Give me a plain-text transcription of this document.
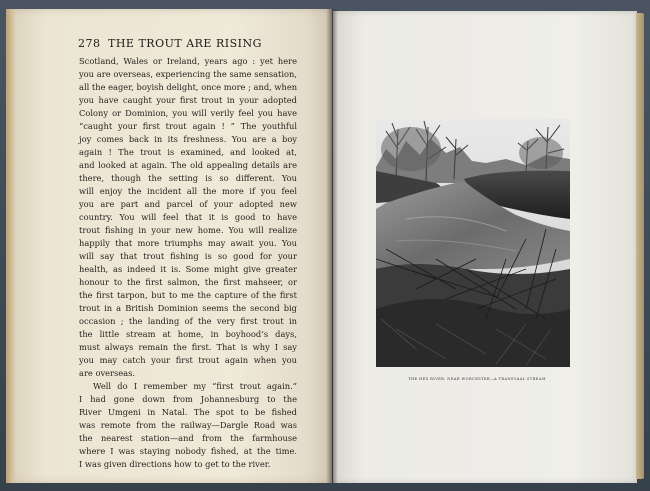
278 THE TROUT ARE RISING
Scotland, Wales or Ireland, years ago : yet here
you are overseas, experiencing the same sensation,
all the eager, boyish delight, once more ; and, when
you have caught your first trout in your adopted
Colony or Dominion, you will verily feel you have
“caught your first trout again ! ” The youthful
joy comes back in its freshness. You are a boy
again ! The trout is examined, and looked at,
and looked at again. The old appealing details are
there, though the setting is so different. You
will enjoy the incident all the more if you feel
you are part and parcel of your adopted new
country. You will feel that it is good to have
trout fishing in your new home. You will realize
happily that more triumphs may await you. You
will say that trout fishing is so good for your
health, as indeed it is. Some might give greater
honour to the first salmon, the first mahseer, or
the first tarpon, but to me the capture of the first
trout in a British Dominion seems the second big
occasion ; the landing of the very first trout in
the little stream at home, in boyhood’s days,
must always remain the first. That is why I say
you may catch your first trout again when you
are overseas.
Well do I remember my “first trout again.”
I had gone down from Johannesburg to the
River Umgeni in Natal. The spot to be fished
was remote from the railway—Dargle Road was
the nearest station—and from the farmhouse
where I was staying nobody fished, at the time.
I was given directions how to get to the river.
THE HEX RIVER, NEAR WORCESTER—A TRANSVAAL STREAM
